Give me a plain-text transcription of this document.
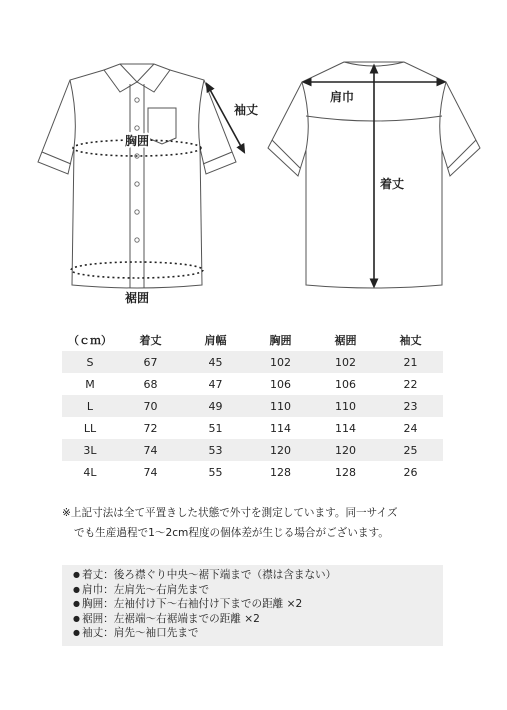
胸囲
裾囲
袖丈
肩巾
着丈
（ｃｍ）	着丈	肩幅	胸囲	裾囲	袖丈
S	67	45	102	102	21
M	68	47	106	106	22
L	70	49	110	110	23
LL	72	51	114	114	24
3L	74	53	120	120	25
4L	74	55	128	128	26
※上記寸法は全て平置きした状態で外寸を測定しています。同一サイズ
でも生産過程で1〜2cm程度の個体差が生じる場合がございます。
● 着丈：後ろ襟ぐり中央〜裾下端まで（襟は含まない）
● 肩巾：左肩先〜右肩先まで
● 胸囲：左袖付け下〜右袖付け下までの距離 ×2
● 裾囲：左裾端〜右裾端までの距離 ×2
● 袖丈：肩先〜袖口先まで
